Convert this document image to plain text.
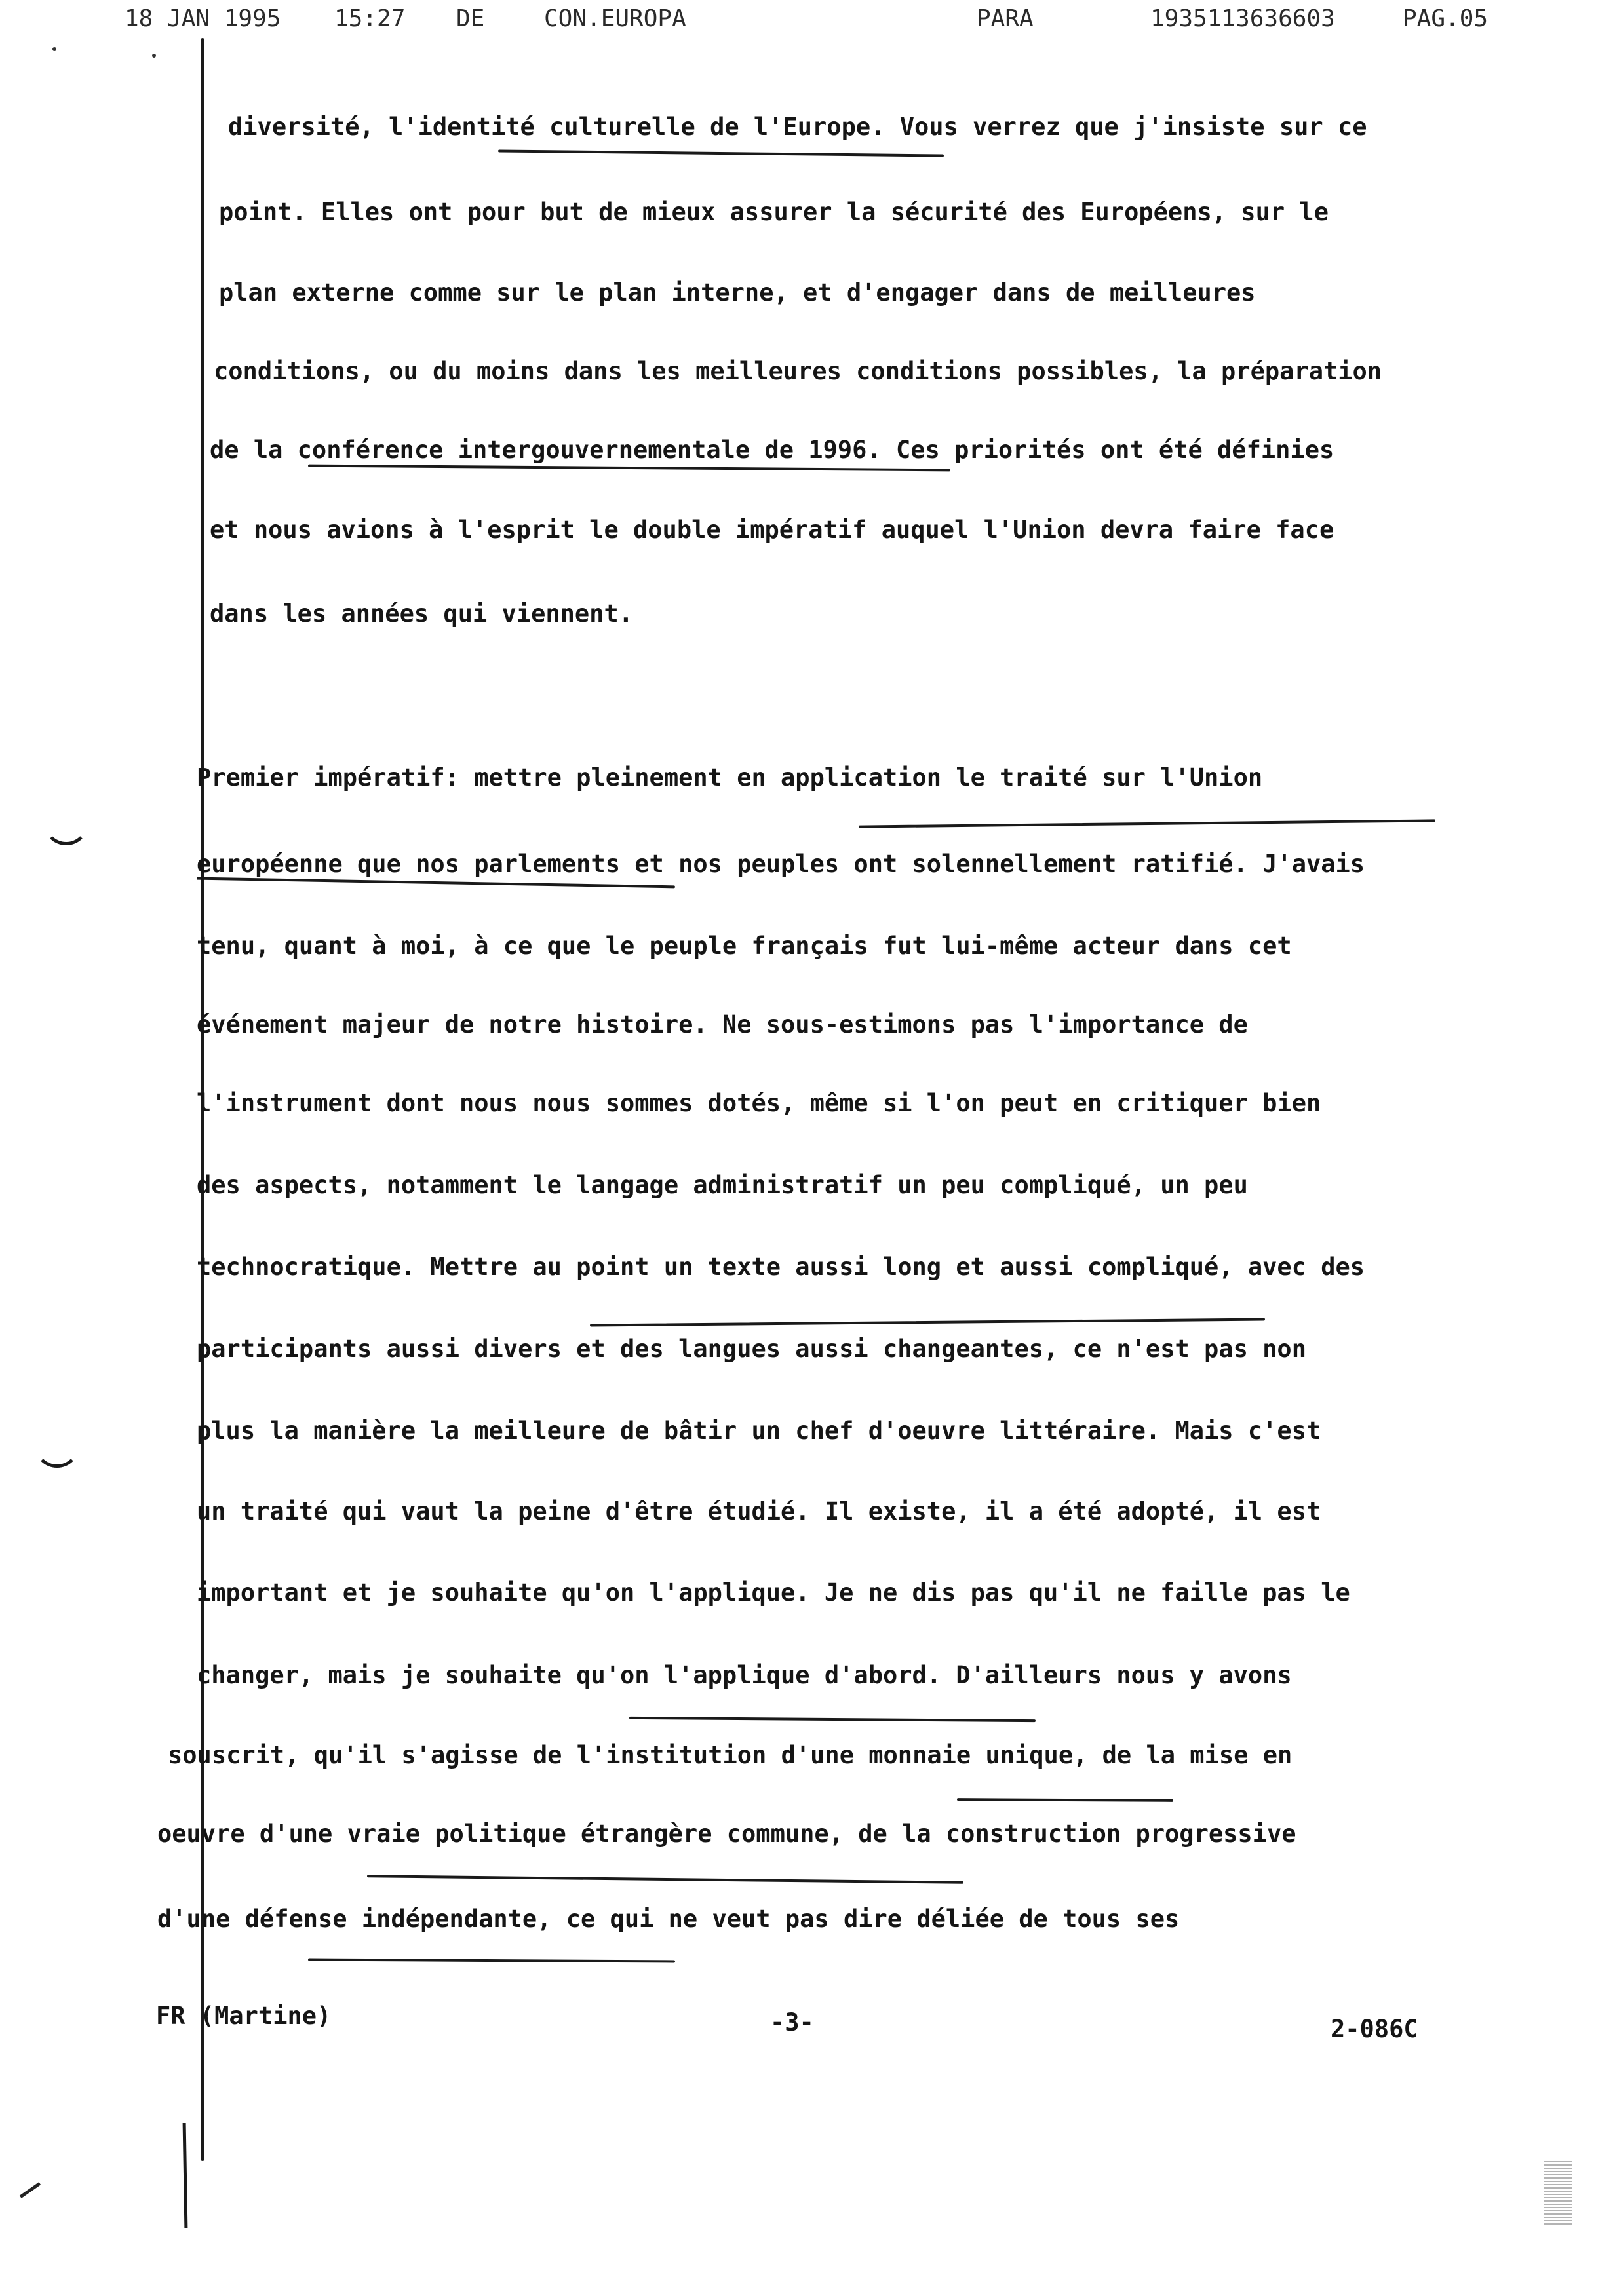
18 JAN 1995 15:27 DE	CON.EUROPA	PARA	1935113636603	PAG.05
diversité, l'identité culturelle de l'Europe. Vous verrez que j'insiste sur ce
point. Elles ont pour but de mieux assurer la sécurité des Européens, sur le
plan externe comme sur le plan interne, et d'engager dans de meilleures
conditions, ou du moins dans les meilleures conditions possibles, la préparation
de la conférence intergouvernementale de 1996. Ces priorités ont été définies
et nous avions à l'esprit le double impératif auquel l'Union devra faire face
dans les années qui viennent.
Premier impératif: mettre pleinement en application le traité sur l'Union
européenne que nos parlements et nos peuples ont solennellement ratifié. J'avais
tenu, quant à moi, à ce que le peuple français fut lui-même acteur dans cet
événement majeur de notre histoire. Ne sous-estimons pas l'importance de
l'instrument dont nous nous sommes dotés, même si l'on peut en critiquer bien
des aspects, notamment le langage administratif un peu compliqué, un peu
technocratique. Mettre au point un texte aussi long et aussi compliqué, avec des
participants aussi divers et des langues aussi changeantes, ce n'est pas non
plus la manière la meilleure de bâtir un chef d'oeuvre littéraire. Mais c'est
un traité qui vaut la peine d'être étudié. Il existe, il a été adopté, il est
important et je souhaite qu'on l'applique. Je ne dis pas qu'il ne faille pas le
changer, mais je souhaite qu'on l'applique d'abord. D'ailleurs nous y avons
souscrit, qu'il s'agisse de l'institution d'une monnaie unique, de la mise en
oeuvre d'une vraie politique étrangère commune, de la construction progressive
d'une défense indépendante, ce qui ne veut pas dire déliée de tous ses
FR (Martine)	-3-	2-086C
